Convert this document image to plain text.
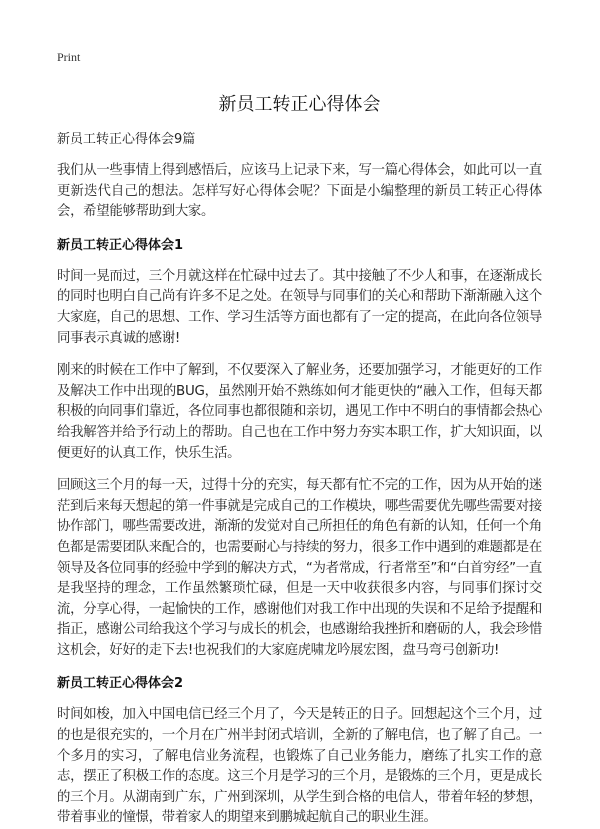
Print

新员工转正心得体会

新员工转正心得体会9篇

我们从一些事情上得到感悟后，应该马上记录下来，写一篇心得体会，如此可以一直更新迭代自己的想法。怎样写好心得体会呢？下面是小编整理的新员工转正心得体会，希望能够帮助到大家。

新员工转正心得体会1

时间一晃而过，三个月就这样在忙碌中过去了。其中接触了不少人和事，在逐渐成长的同时也明白自己尚有许多不足之处。在领导与同事们的关心和帮助下渐渐融入这个大家庭，自己的思想、工作、学习生活等方面也都有了一定的提高，在此向各位领导同事表示真诚的感谢!

刚来的时候在工作中了解到，不仅要深入了解业务，还要加强学习，才能更好的工作及解决工作中出现的BUG，虽然刚开始不熟练如何才能更快的“融入工作，但每天都积极的向同事们靠近，各位同事也都很随和亲切，遇见工作中不明白的事情都会热心给我解答并给予行动上的帮助。自己也在工作中努力夯实本职工作，扩大知识面，以便更好的认真工作，快乐生活。

回顾这三个月的每一天，过得十分的充实，每天都有忙不完的工作，因为从开始的迷茫到后来每天想起的第一件事就是完成自己的工作模块，哪些需要优先哪些需要对接协作部门，哪些需要改进，渐渐的发觉对自己所担任的角色有新的认知，任何一个角色都是需要团队来配合的，也需要耐心与持续的努力，很多工作中遇到的难题都是在领导及各位同事的经验中学到的解决方式，“为者常成，行者常至”和“白首穷经”一直是我坚持的理念，工作虽然繁琐忙碌，但是一天中收获很多内容，与同事们探讨交流，分享心得，一起愉快的工作，感谢他们对我工作中出现的失误和不足给予提醒和指正，感谢公司给我这个学习与成长的机会，也感谢给我挫折和磨砺的人，我会珍惜这机会，好好的走下去!也祝我们的大家庭虎啸龙吟展宏图，盘马弯弓创新功!

新员工转正心得体会2

时间如梭，加入中国电信已经三个月了，今天是转正的日子。回想起这个三个月，过的也是很充实的，一个月在广州半封闭式培训，全新的了解电信，也了解了自己。一个多月的实习，了解电信业务流程，也锻炼了自己业务能力，磨练了扎实工作的意志，摆正了积极工作的态度。这三个月是学习的三个月，是锻炼的三个月，更是成长的三个月。从湖南到广东，广州到深圳，从学生到合格的电信人，带着年轻的梦想，带着事业的憧憬，带着家人的期望来到鹏城起航自己的职业生涯。
